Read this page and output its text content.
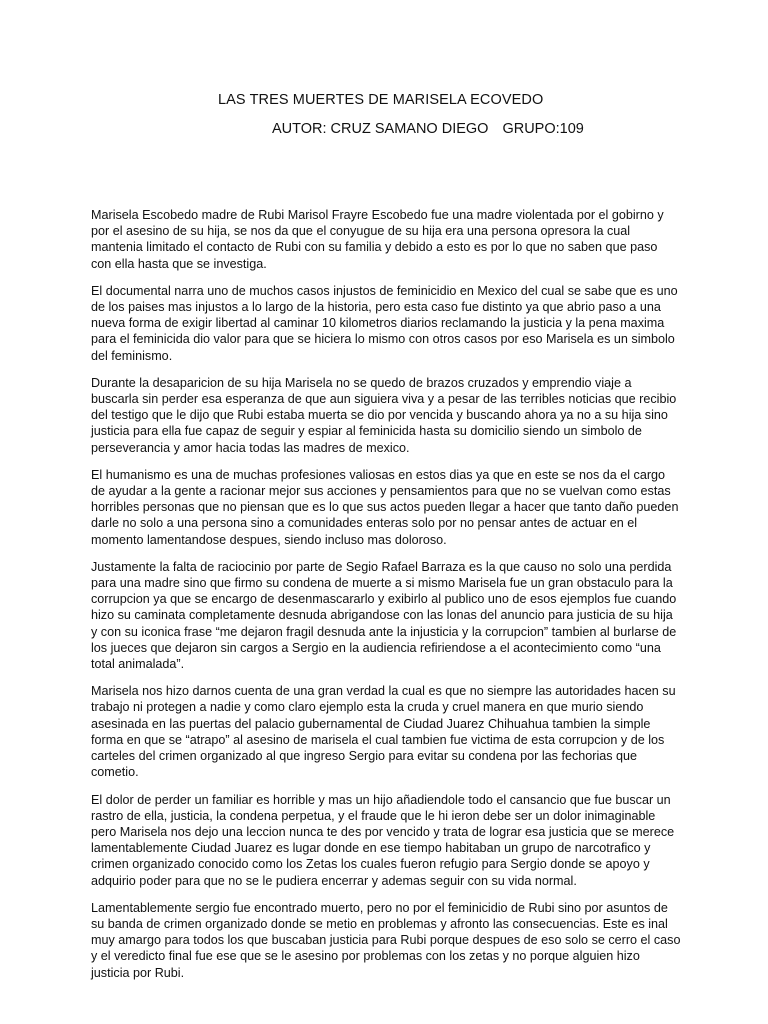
LAS TRES MUERTES DE MARISELA ECOVEDO
AUTOR: CRUZ SAMANO DIEGO GRUPO:109

Marisela Escobedo madre de Rubi Marisol Frayre Escobedo fue una madre violentada por el gobirno y por el asesino de su hija, se nos da que el conyugue de su hija era una persona opresora la cual mantenia limitado el contacto de Rubi con su familia y debido a esto es por lo que no saben que paso con ella hasta que se investiga.

El documental narra uno de muchos casos injustos de feminicidio en Mexico del cual se sabe que es uno de los paises mas injustos a lo largo de la historia, pero esta caso fue distinto ya que abrio paso a una nueva forma de exigir libertad al caminar 10 kilometros diarios reclamando la justicia y la pena maxima para el feminicida dio valor para que se hiciera lo mismo con otros casos por eso Marisela es un simbolo del feminismo.

Durante la desaparicion de su hija Marisela no se quedo de brazos cruzados y emprendio viaje a buscarla sin perder esa esperanza de que aun siguiera viva y a pesar de las terribles noticias que recibio del testigo que le dijo que Rubi estaba muerta se dio por vencida y buscando ahora ya no a su hija sino justicia para ella fue capaz de seguir y espiar al feminicida hasta su domicilio siendo un simbolo de perseverancia y amor hacia todas las madres de mexico.

El humanismo es una de muchas profesiones valiosas en estos dias ya que en este se nos da el cargo de ayudar a la gente a racionar mejor sus acciones y pensamientos para que no se vuelvan como estas horribles personas que no piensan que es lo que sus actos pueden llegar a hacer que tanto daño pueden darle no solo a una persona sino a comunidades enteras solo por no pensar antes de actuar en el momento lamentandose despues, siendo incluso mas doloroso.

Justamente la falta de raciocinio por parte de Segio Rafael Barraza es la que causo no solo una perdida para una madre sino que firmo su condena de muerte a si mismo Marisela fue un gran obstaculo para la corrupcion ya que se encargo de desenmascararlo y exibirlo al publico uno de esos ejemplos fue cuando hizo su caminata completamente desnuda abrigandose con las lonas del anuncio para justicia de su hija y con su iconica frase “me dejaron fragil desnuda ante la injusticia y la corrupcion” tambien al burlarse de los jueces que dejaron sin cargos a Sergio en la audiencia refiriendose a el acontecimiento como “una total animalada”.

Marisela nos hizo darnos cuenta de una gran verdad la cual es que no siempre las autoridades hacen su trabajo ni protegen a nadie y como claro ejemplo esta la cruda y cruel manera en que murio siendo asesinada en las puertas del palacio gubernamental de Ciudad Juarez Chihuahua tambien la simple forma en que se “atrapo” al asesino de marisela el cual tambien fue victima de esta corrupcion y de los carteles del crimen organizado al que ingreso Sergio para evitar su condena por las fechorias que cometio.

El dolor de perder un familiar es horrible y mas un hijo añadiendole todo el cansancio que fue buscar un rastro de ella, justicia, la condena perpetua, y el fraude que le hi ieron debe ser un dolor inimaginable pero Marisela nos dejo una leccion nunca te des por vencido y trata de lograr esa justicia que se merece lamentablemente Ciudad Juarez es lugar donde en ese tiempo habitaban un grupo de narcotrafico y crimen organizado conocido como los Zetas los cuales fueron refugio para Sergio donde se apoyo y adquirio poder para que no se le pudiera encerrar y ademas seguir con su vida normal.

Lamentablemente sergio fue encontrado muerto, pero no por el feminicidio de Rubi sino por asuntos de su banda de crimen organizado donde se metio en problemas y afronto las consecuencias. Este es inal muy amargo para todos los que buscaban justicia para Rubi porque despues de eso solo se cerro el caso y el veredicto final fue ese que se le asesino por problemas con los zetas y no porque alguien hizo justicia por Rubi.
